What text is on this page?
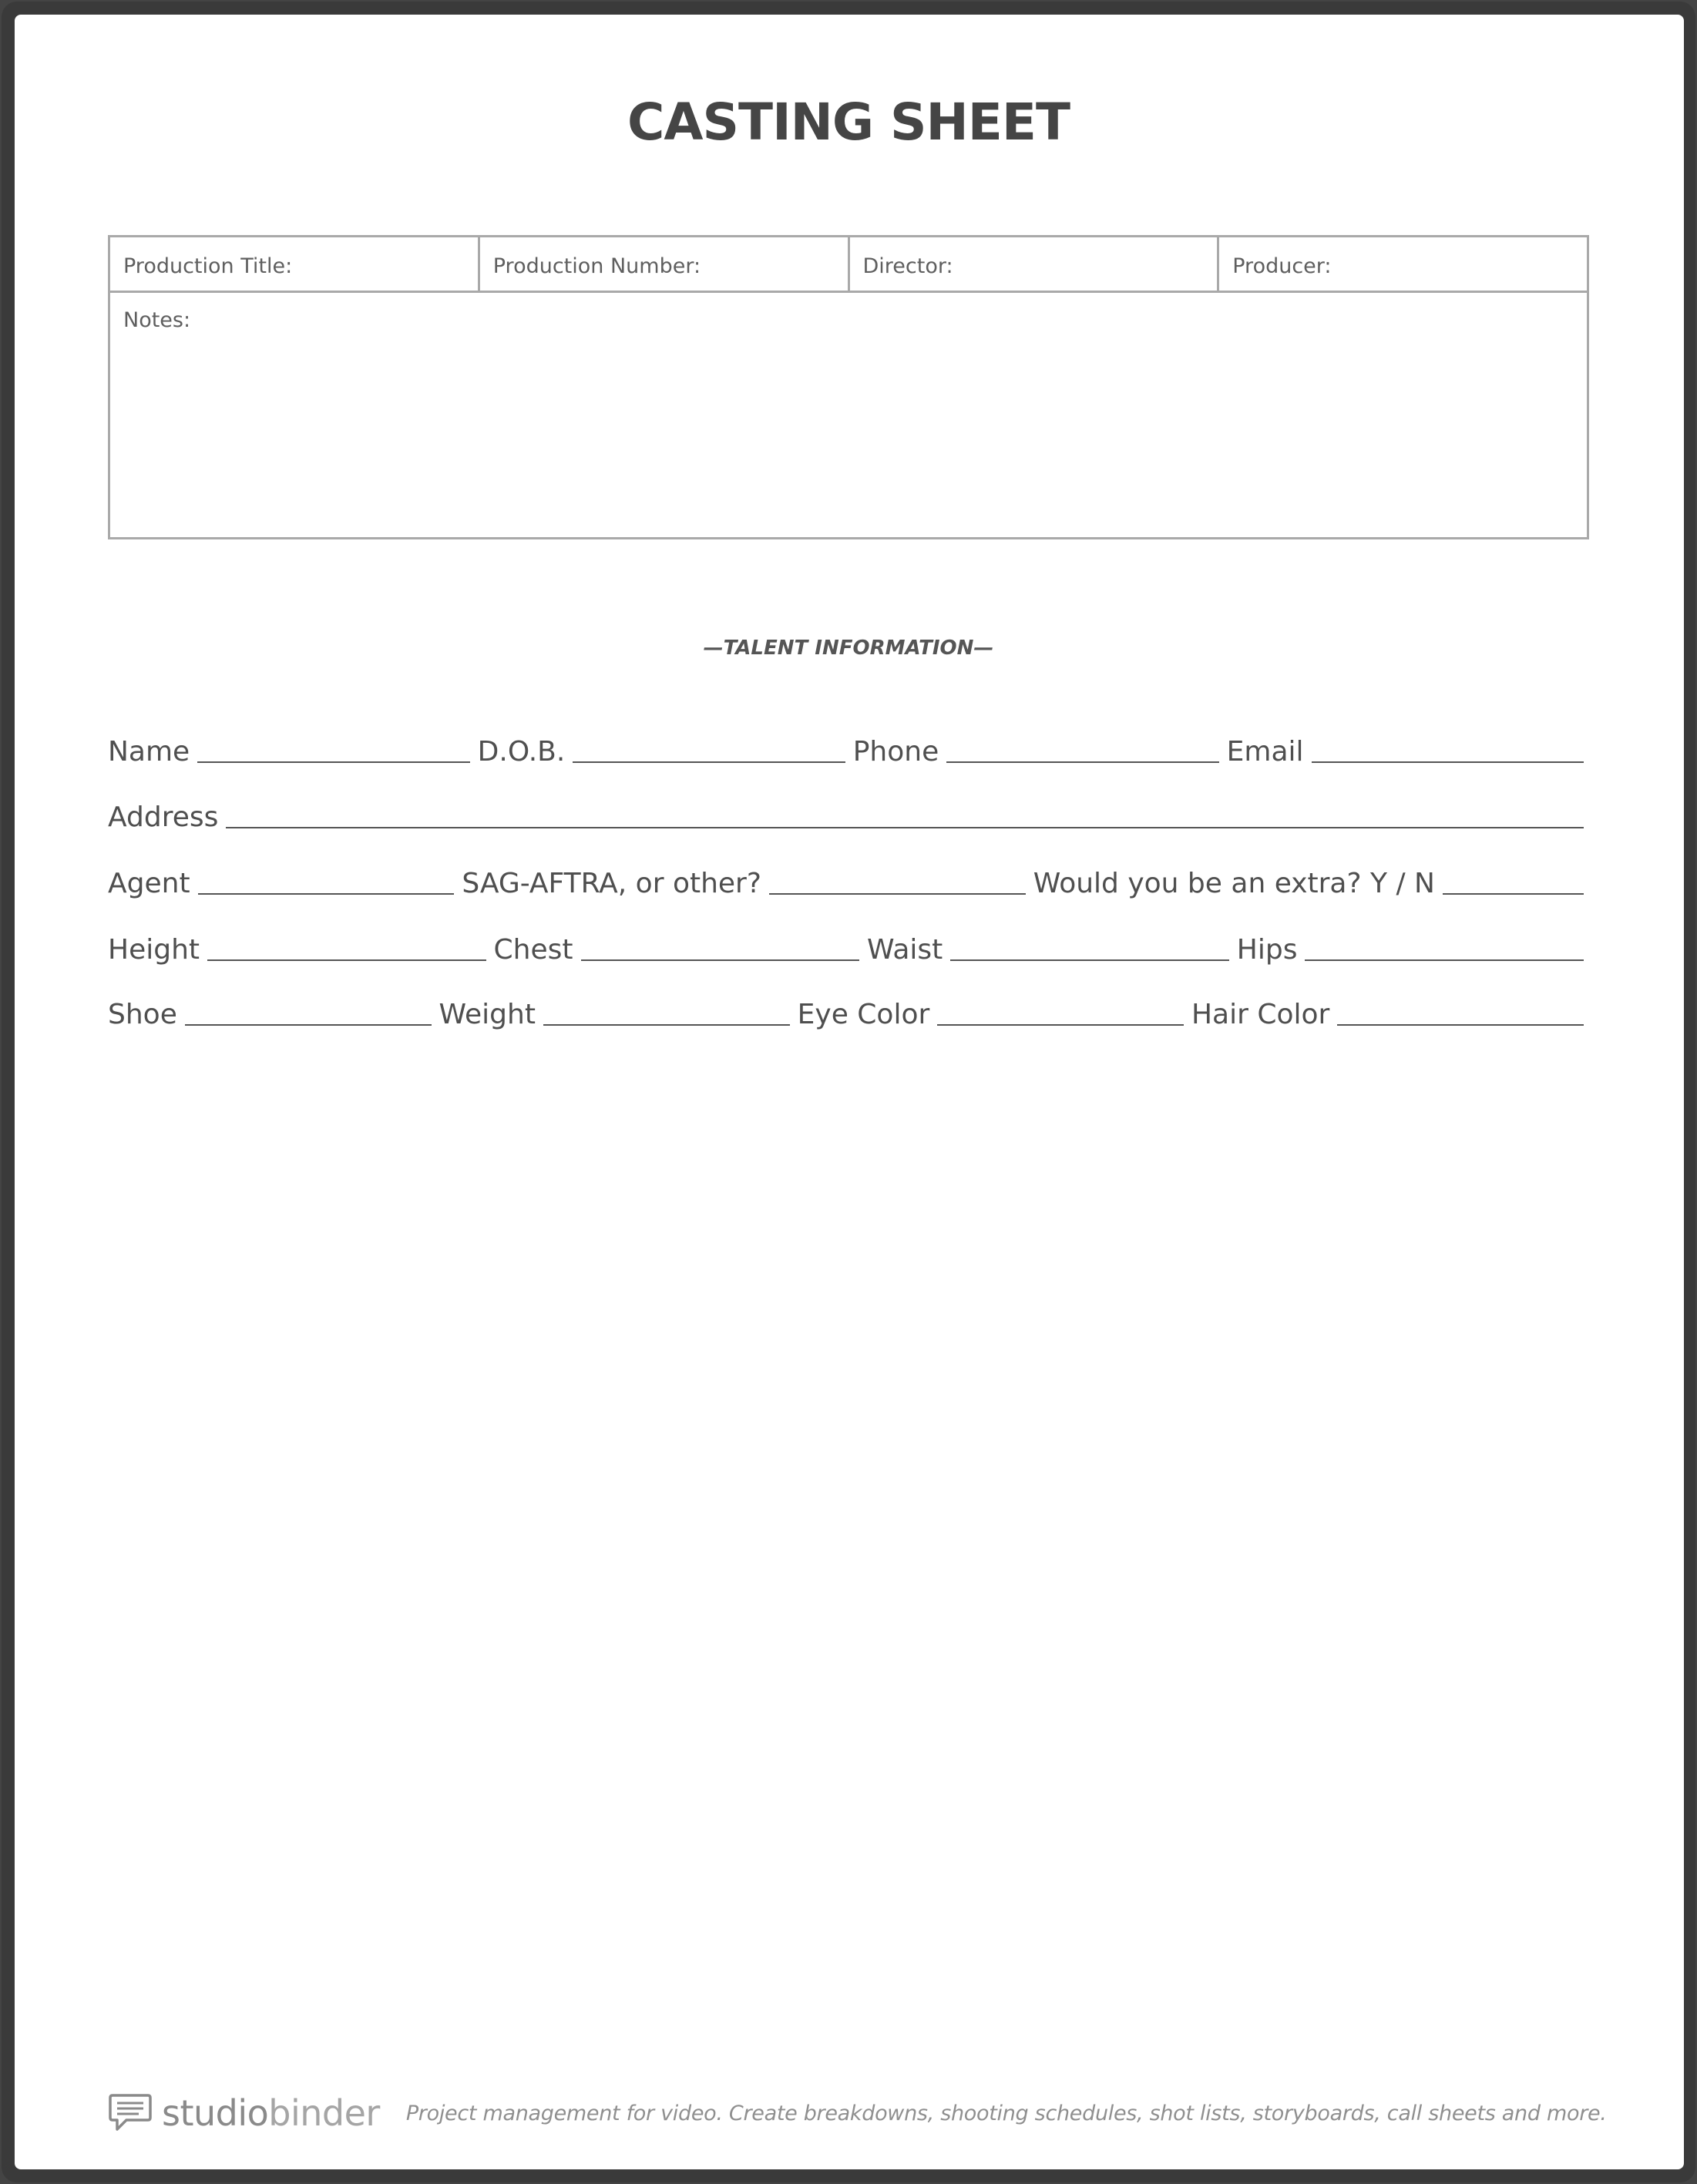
CASTING SHEET
Production Title:	Production Number:	Director:	Producer:
Notes:
—TALENT INFORMATION—
Name	D.O.B.	Phone	Email
Address
Agent	SAG-AFTRA, or other?	Would you be an extra? Y / N
Height	Chest	Waist	Hips
Shoe	Weight	Eye Color	Hair Color
studiobinder Project management for video. Create breakdowns, shooting schedules, shot lists, storyboards, call sheets and more.
